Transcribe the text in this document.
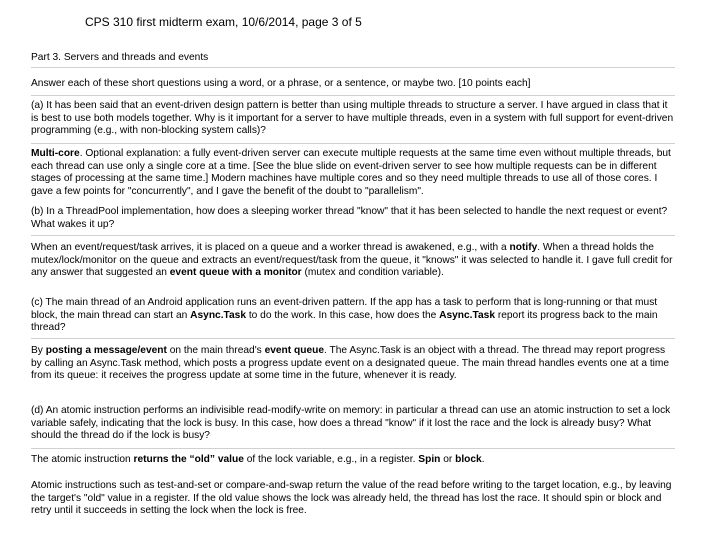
CPS 310 first midterm exam, 10/6/2014, page 3 of 5

Part 3. Servers and threads and events

Answer each of these short questions using a word, or a phrase, or a sentence, or maybe two. [10 points each]

(a) It has been said that an event-driven design pattern is better than using multiple threads to structure a server. I have argued in class that it is best to use both models together. Why is it important for a server to have multiple threads, even in a system with full support for event-driven programming (e.g., with non-blocking system calls)?

Multi-core. Optional explanation: a fully event-driven server can execute multiple requests at the same time even without multiple threads, but each thread can use only a single core at a time. [See the blue slide on event-driven server to see how multiple requests can be in different stages of processing at the same time.] Modern machines have multiple cores and so they need multiple threads to use all of those cores. I gave a few points for "concurrently", and I gave the benefit of the doubt to "parallelism".

(b) In a ThreadPool implementation, how does a sleeping worker thread "know" that it has been selected to handle the next request or event? What wakes it up?

When an event/request/task arrives, it is placed on a queue and a worker thread is awakened, e.g., with a notify. When a thread holds the mutex/lock/monitor on the queue and extracts an event/request/task from the queue, it "knows" it was selected to handle it. I gave full credit for any answer that suggested an event queue with a monitor (mutex and condition variable).

(c) The main thread of an Android application runs an event-driven pattern. If the app has a task to perform that is long-running or that must block, the main thread can start an Async.Task to do the work. In this case, how does the Async.Task report its progress back to the main thread?

By posting a message/event on the main thread's event queue. The Async.Task is an object with a thread. The thread may report progress by calling an Async.Task method, which posts a progress update event on a designated queue. The main thread handles events one at a time from its queue: it receives the progress update at some time in the future, whenever it is ready.

(d) An atomic instruction performs an indivisible read-modify-write on memory: in particular a thread can use an atomic instruction to set a lock variable safely, indicating that the lock is busy. In this case, how does a thread "know" if it lost the race and the lock is already busy? What should the thread do if the lock is busy?

The atomic instruction returns the “old” value of the lock variable, e.g., in a register. Spin or block.

Atomic instructions such as test-and-set or compare-and-swap return the value of the read before writing to the target location, e.g., by leaving the target's "old" value in a register. If the old value shows the lock was already held, the thread has lost the race. It should spin or block and retry until it succeeds in setting the lock when the lock is free.
